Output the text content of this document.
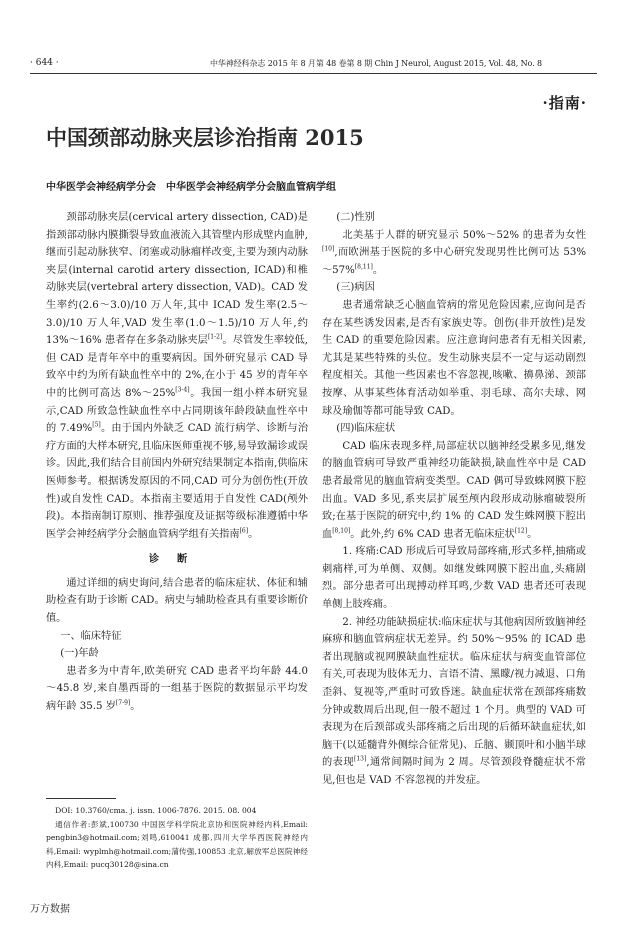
· 644 ·	中华神经科杂志 2015 年 8 月第 48 卷第 8 期 Chin J Neurol, August 2015, Vol. 48, No. 8
·指南·
中国颈部动脉夹层诊治指南 2015
中华医学会神经病学分会　中华医学会神经病学分会脑血管病学组

颈部动脉夹层(cervical artery dissection, CAD)是指颈部动脉内膜撕裂导致血液流入其管壁内形成壁内血肿,继而引起动脉狭窄、闭塞或动脉瘤样改变,主要为颈内动脉夹层(internal carotid artery dissection, ICAD)和椎动脉夹层(vertebral artery dissection, VAD)。CAD 发生率约(2.6～3.0)/10 万人年,其中 ICAD 发生率(2.5～3.0)/10 万人年,VAD 发生率(1.0～1.5)/10 万人年,约 13%～16% 患者存在多条动脉夹层[1-2]。尽管发生率较低,但 CAD 是青年卒中的重要病因。国外研究显示 CAD 导致卒中约为所有缺血性卒中的 2%,在小于 45 岁的青年卒中的比例可高达 8%～25%[3-4]。我国一组小样本研究显示,CAD 所致急性缺血性卒中占同期该年龄段缺血性卒中的 7.49%[5]。由于国内外缺乏 CAD 流行病学、诊断与治疗方面的大样本研究,且临床医师重视不够,易导致漏诊或误诊。因此,我们结合目前国内外研究结果制定本指南,供临床医师参考。根据诱发原因的不同,CAD 可分为创伤性(开放性)或自发性 CAD。本指南主要适用于自发性 CAD(颅外段)。本指南制订原则、推荐强度及证据等级标准遵循中华医学会神经病学分会脑血管病学组有关指南[6]。

诊断

通过详细的病史询问,结合患者的临床症状、体征和辅助检查有助于诊断 CAD。病史与辅助检查具有重要诊断价值。

一、临床特征
(一)年龄

患者多为中青年,欧美研究 CAD 患者平均年龄 44.0～45.8 岁,来自墨西哥的一组基于医院的数据显示平均发病年龄 35.5 岁[7-9]。

(二)性别

北美基于人群的研究显示 50%～52% 的患者为女性[10],而欧洲基于医院的多中心研究发现男性比例可达 53%～57%[8,11]。

(三)病因

患者通常缺乏心脑血管病的常见危险因素,应询问是否存在某些诱发因素,是否有家族史等。创伤(非开放性)是发生 CAD 的重要危险因素。应注意询问患者有无相关因素,尤其是某些特殊的头位。发生动脉夹层不一定与运动剧烈程度相关。其他一些因素也不容忽视,咳嗽、擤鼻涕、颈部按摩、从事某些体育活动如举重、羽毛球、高尔夫球、网球及瑜伽等都可能导致 CAD。

(四)临床症状

CAD 临床表现多样,局部症状以脑神经受累多见,继发的脑血管病可导致严重神经功能缺损,缺血性卒中是 CAD 患者最常见的脑血管病变类型。CAD 偶可导致蛛网膜下腔出血。VAD 多见,系夹层扩展至颅内段形成动脉瘤破裂所致;在基于医院的研究中,约 1% 的 CAD 发生蛛网膜下腔出血[8,10]。此外,约 6% CAD 患者无临床症状[12]。

1. 疼痛:CAD 形成后可导致局部疼痛,形式多样,抽痛或刺痛样,可为单侧、双侧。如继发蛛网膜下腔出血,头痛剧烈。部分患者可出现搏动样耳鸣,少数 VAD 患者还可表现单侧上肢疼痛。

2. 神经功能缺损症状:临床症状与其他病因所致脑神经麻痹和脑血管病症状无差异。约 50%～95% 的 ICAD 患者出现脑或视网膜缺血性症状。临床症状与病变血管部位有关,可表现为肢体无力、言语不清、黑矇/视力减退、口角歪斜、复视等,严重时可致昏迷。缺血症状常在颈部疼痛数分钟或数周后出现,但一般不超过 1 个月。典型的 VAD 可表现为在后颈部或头部疼痛之后出现的后循环缺血症状,如脑干(以延髓背外侧综合征常见)、丘脑、颞顶叶和小脑半球的表现[13],通常间隔时间为 2 周。尽管颈段脊髓症状不常见,但也是 VAD 不容忽视的并发症。

DOI: 10.3760/cma. j. issn. 1006-7876. 2015. 08. 004

通信作者:彭斌,100730 中国医学科学院北京协和医院神经内科,Email: pengbin3@hotmail.com;刘鸣,610041 成都,四川大学华西医院神经内科,Email: wyplmh@hotmail.com;蒲传强,100853 北京,解放军总医院神经内科,Email: pucq30128@sina.cn

万方数据
